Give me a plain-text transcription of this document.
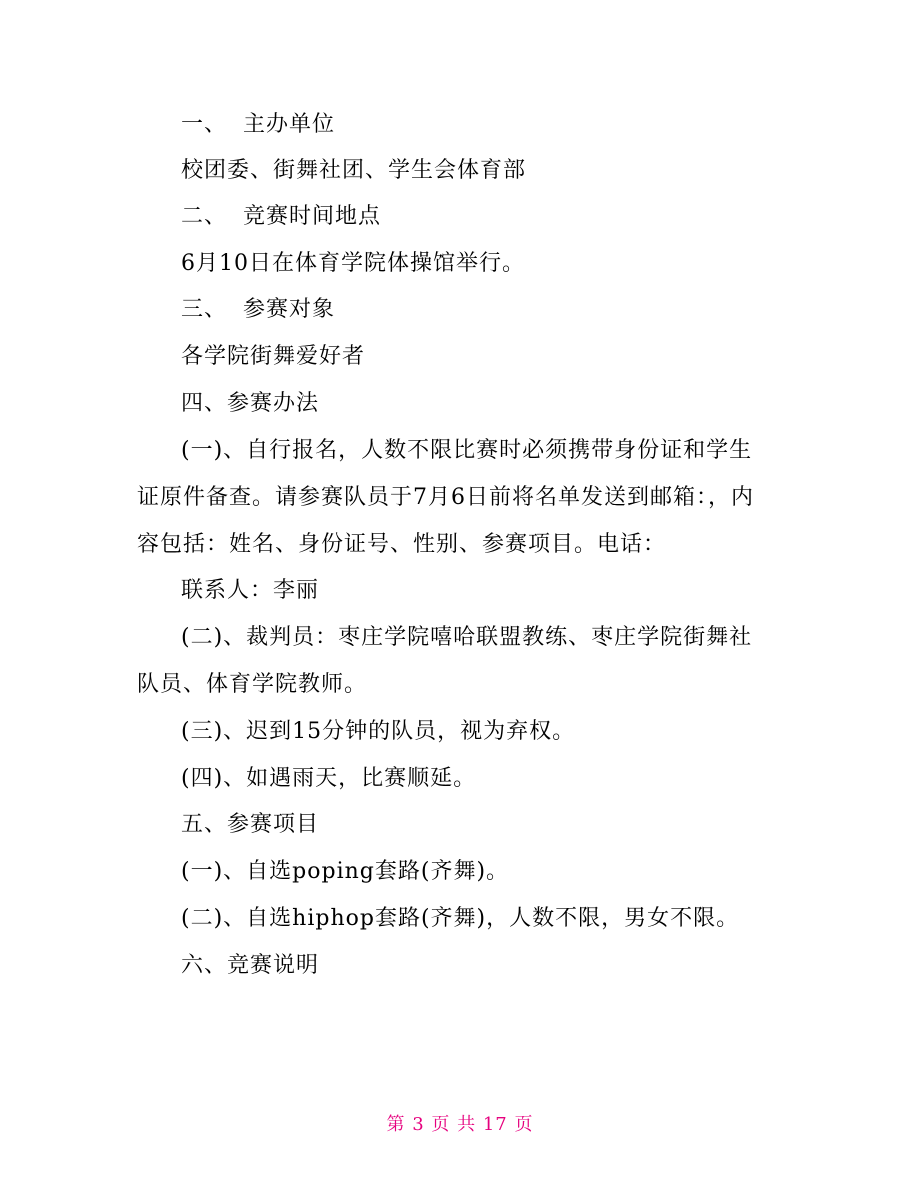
一、  主办单位
校团委、街舞社团、学生会体育部
二、  竞赛时间地点
6月10日在体育学院体操馆举行。
三、  参赛对象
各学院街舞爱好者
四、参赛办法
(一)、自行报名，人数不限比赛时必须携带身份证和学生
证原件备查。请参赛队员于7月6日前将名单发送到邮箱：，内
容包括：姓名、身份证号、性别、参赛项目。电话：
联系人：李丽
(二)、裁判员：枣庄学院嘻哈联盟教练、枣庄学院街舞社
队员、体育学院教师。
(三)、迟到15分钟的队员，视为弃权。
(四)、如遇雨天，比赛顺延。
五、参赛项目
(一)、自选poping套路(齐舞)。
(二)、自选hiphop套路(齐舞)，人数不限，男女不限。
六、竞赛说明
第 3 页 共 17 页
